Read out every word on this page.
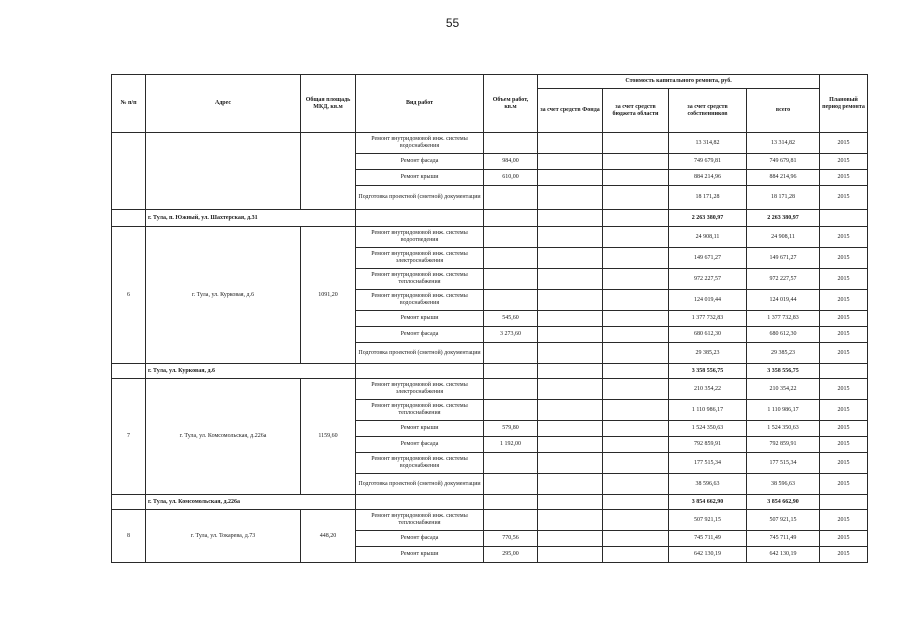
55
№ п/п	Адрес	Общая площадь МКД, кв.м	Вид работ	Объем работ, кв.м	Стоимость капитального ремонта, руб.				Плановый период ремонта
					за счет средств Фонда	за счет средств бюджета области	за счет средств собственников	всего	
			Ремонт внутридомовой инж. системы водоснабжения				13 314,82	13 314,82	2015
			Ремонт фасада	984,00			749 679,81	749 679,81	2015
			Ремонт крыши	610,00			884 214,96	884 214,96	2015
			Подготовка проектной (сметной) документации				18 171,28	18 171,28	2015
	г. Тула, п. Южный, ул. Шахтерская, д.31						2 263 380,97	2 263 380,97	
6	г. Тула, ул. Курковая, д.6	1091,20	Ремонт внутридомовой инж. системы водоотведения				24 908,11	24 908,11	2015
			Ремонт внутридомовой инж. системы электроснабжения				149 671,27	149 671,27	2015
			Ремонт внутридомовой инж. системы теплоснабжения				972 227,57	972 227,57	2015
			Ремонт внутридомовой инж. системы водоснабжения				124 019,44	124 019,44	2015
			Ремонт крыши	545,60			1 377 732,83	1 377 732,83	2015
			Ремонт фасада	3 273,60			680 612,30	680 612,30	2015
			Подготовка проектной (сметной) документации				29 385,23	29 385,23	2015
	г. Тула, ул. Курковая, д.6						3 358 556,75	3 358 556,75	
7	г. Тула, ул. Комсомольская, д.226а	1159,60	Ремонт внутридомовой инж. системы электроснабжения				210 354,22	210 354,22	2015
			Ремонт внутридомовой инж. системы теплоснабжения				1 110 986,17	1 110 986,17	2015
			Ремонт крыши	579,80			1 524 350,63	1 524 350,63	2015
			Ремонт фасада	1 192,00			792 859,91	792 859,91	2015
			Ремонт внутридомовой инж. системы водоснабжения				177 515,34	177 515,34	2015
			Подготовка проектной (сметной) документации				38 596,63	38 596,63	2015
	г. Тула, ул. Комсомольская, д.226а						3 854 662,90	3 854 662,90	
8	г. Тула, ул. Токарева, д.73	448,20	Ремонт внутридомовой инж. системы теплоснабжения				507 921,15	507 921,15	2015
			Ремонт фасада	770,56			745 711,49	745 711,49	2015
			Ремонт крыши	295,00			642 130,19	642 130,19	2015
